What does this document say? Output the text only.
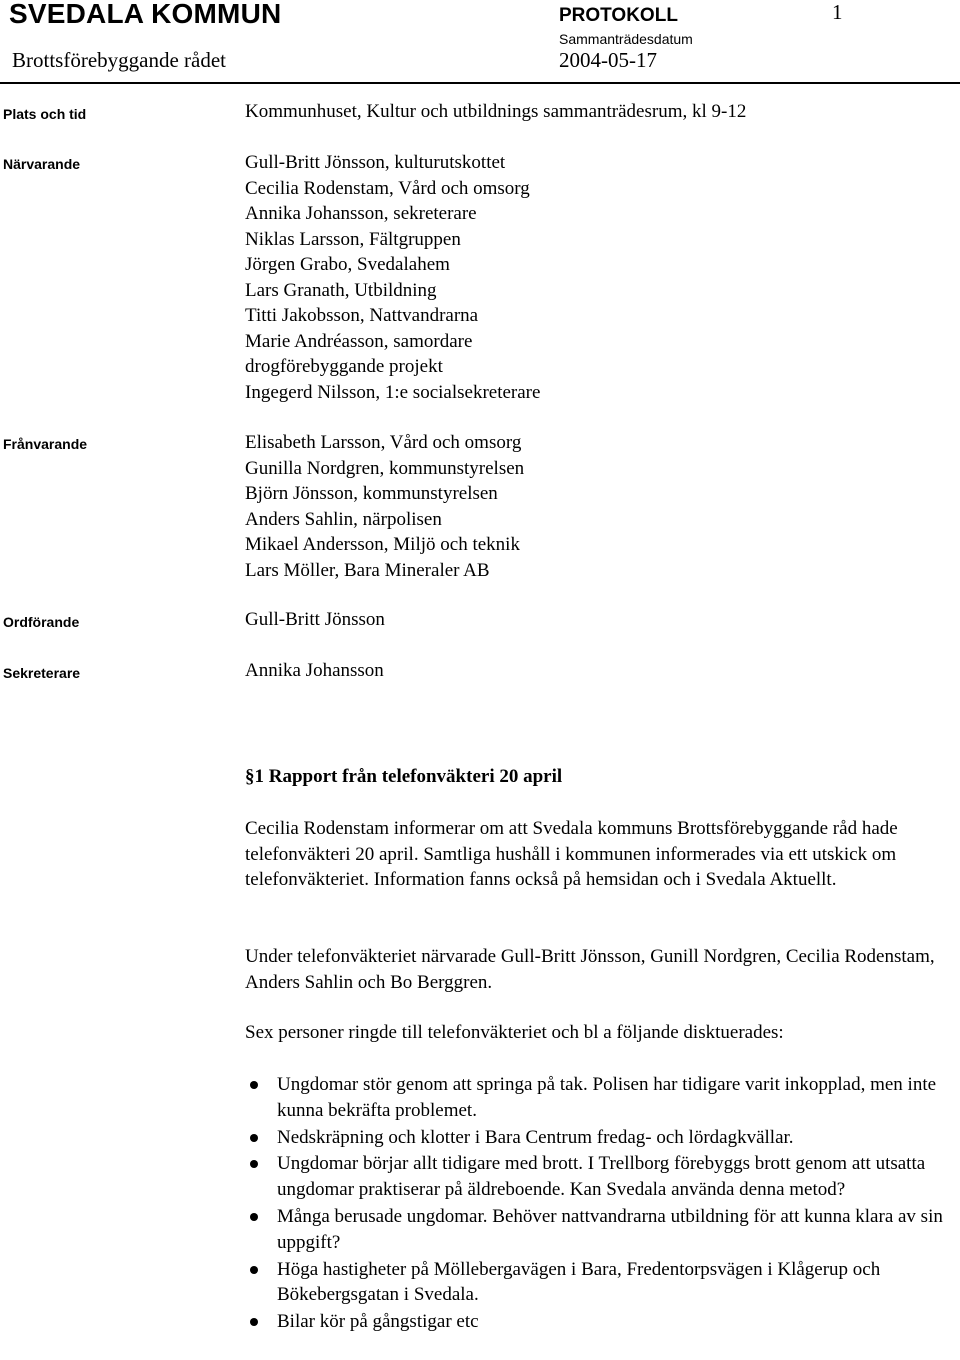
SVEDALA KOMMUN
Brottsförebyggande rådet
PROTOKOLL
Sammanträdesdatum
2004-05-17
1
Plats och tid	Kommunhuset, Kultur och utbildnings sammanträdesrum, kl 9-12
Närvarande	Gull-Britt Jönsson, kulturutskottet
Cecilia Rodenstam, Vård och omsorg
Annika Johansson, sekreterare
Niklas Larsson, Fältgruppen
Jörgen Grabo, Svedalahem
Lars Granath, Utbildning
Titti Jakobsson, Nattvandrarna
Marie Andréasson, samordare
drogförebyggande projekt
Ingegerd Nilsson, 1:e socialsekreterare
Frånvarande	Elisabeth Larsson, Vård och omsorg
Gunilla Nordgren, kommunstyrelsen
Björn Jönsson, kommunstyrelsen
Anders Sahlin, närpolisen
Mikael Andersson, Miljö och teknik
Lars Möller, Bara Mineraler AB
Ordförande	Gull-Britt Jönsson
Sekreterare	Annika Johansson
§1 Rapport från telefonväkteri 20 april

Cecilia Rodenstam informerar om att Svedala kommuns Brottsförebyggande råd hade telefonväkteri 20 april. Samtliga hushåll i kommunen informerades via ett utskick om telefonväkteriet. Information fanns också på hemsidan och i Svedala Aktuellt.

Under telefonväkteriet närvarade Gull-Britt Jönsson, Gunill Nordgren, Cecilia Rodenstam, Anders Sahlin och Bo Berggren.

Sex personer ringde till telefonväkteriet och bl a följande disktuerades:

Ungdomar stör genom att springa på tak. Polisen har tidigare varit inkopplad, men inte kunna bekräfta problemet.
Nedskräpning och klotter i Bara Centrum fredag- och lördagkvällar.
Ungdomar börjar allt tidigare med brott. I Trellborg förebyggs brott genom att utsatta ungdomar praktiserar på äldreboende. Kan Svedala använda denna metod?
Många berusade ungdomar. Behöver nattvandrarna utbildning för att kunna klara av sin uppgift?
Höga hastigheter på Möllebergavägen i Bara, Fredentorpsvägen i Klågerup och Bökebergsgatan i Svedala.
Bilar kör på gångstigar etc
